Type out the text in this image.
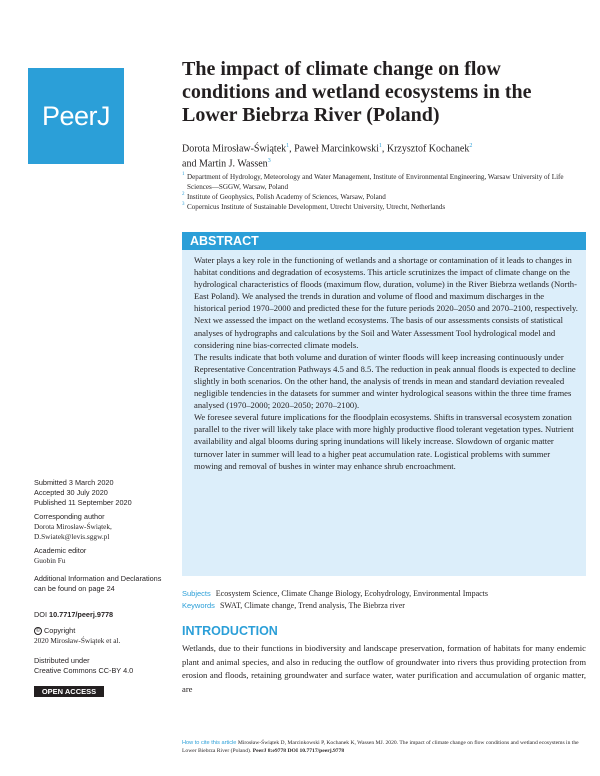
PeerJ
The impact of climate change on flow conditions and wetland ecosystems in the Lower Biebrza River (Poland)
Dorota Mirosław-Świątek$^1$, Paweł Marcinkowski$^1$, Krzysztof Kochanek$^2$
and Martin J. Wassen$^3$
1 Department of Hydrology, Meteorology and Water Management, Institute of Environmental Engineering, Warsaw University of Life Sciences—SGGW, Warsaw, Poland
2 Institute of Geophysics, Polish Academy of Sciences, Warsaw, Poland
3 Copernicus Institute of Sustainable Development, Utrecht University, Utrecht, Netherlands
ABSTRACT
Water plays a key role in the functioning of wetlands and a shortage or contamination of it leads to changes in habitat conditions and degradation of ecosystems. This article scrutinizes the impact of climate change on the hydrological characteristics of floods (maximum flow, duration, volume) in the River Biebrza wetlands (North-East Poland). We analysed the trends in duration and volume of flood and maximum discharges in the historical period 1970–2000 and predicted these for the future periods 2020–2050 and 2070–2100, respectively. Next we assessed the impact on the wetland ecosystems. The basis of our assessments consists of statistical analyses of hydrographs and calculations by the Soil and Water Assessment Tool hydrological model and considering nine bias-corrected climate models.
The results indicate that both volume and duration of winter floods will keep increasing continuously under Representative Concentration Pathways 4.5 and 8.5. The reduction in peak annual floods is expected to decline slightly in both scenarios. On the other hand, the analysis of trends in mean and standard deviation revealed negligible tendencies in the datasets for summer and winter hydrological seasons within the three time frames analysed (1970–2000; 2020–2050; 2070–2100).
We foresee several future implications for the floodplain ecosystems. Shifts in transversal ecosystem zonation parallel to the river will likely take place with more highly productive flood tolerant vegetation types. Nutrient availability and algal blooms during spring inundations will likely increase. Slowdown of organic matter turnover later in summer will lead to a higher peat accumulation rate. Logistical problems with summer mowing and removal of bushes in winter may enhance shrub encroachment.
Subjects Ecosystem Science, Climate Change Biology, Ecohydrology, Environmental Impacts
Keywords SWAT, Climate change, Trend analysis, The Biebrza river
INTRODUCTION

Wetlands, due to their functions in biodiversity and landscape preservation, formation of habitats for many endemic plant and animal species, and also in reducing the outflow of groundwater into rivers thus providing protection from erosion and floods, retaining groundwater and surface water, water purification and accumulation of organic matter, are

Submitted 3 March 2020
Accepted 30 July 2020
Published 11 September 2020
Corresponding author
Dorota Mirosław-Świątek,
D.Swiatek@levis.sggw.pl
Academic editor
Guobin Fu
Additional Information and Declarations can be found on page 24
DOI 10.7717/peerj.9778
© Copyright
2020 Mirosław-Świątek et al.
Distributed under
Creative Commons CC-BY 4.0
OPEN ACCESS
How to cite this article Mirosław-Świątek D, Marcinkowski P, Kochanek K, Wassen MJ. 2020. The impact of climate change on flow conditions and wetland ecosystems in the Lower Biebrza River (Poland). PeerJ 8:e9778 DOI 10.7717/peerj.9778
